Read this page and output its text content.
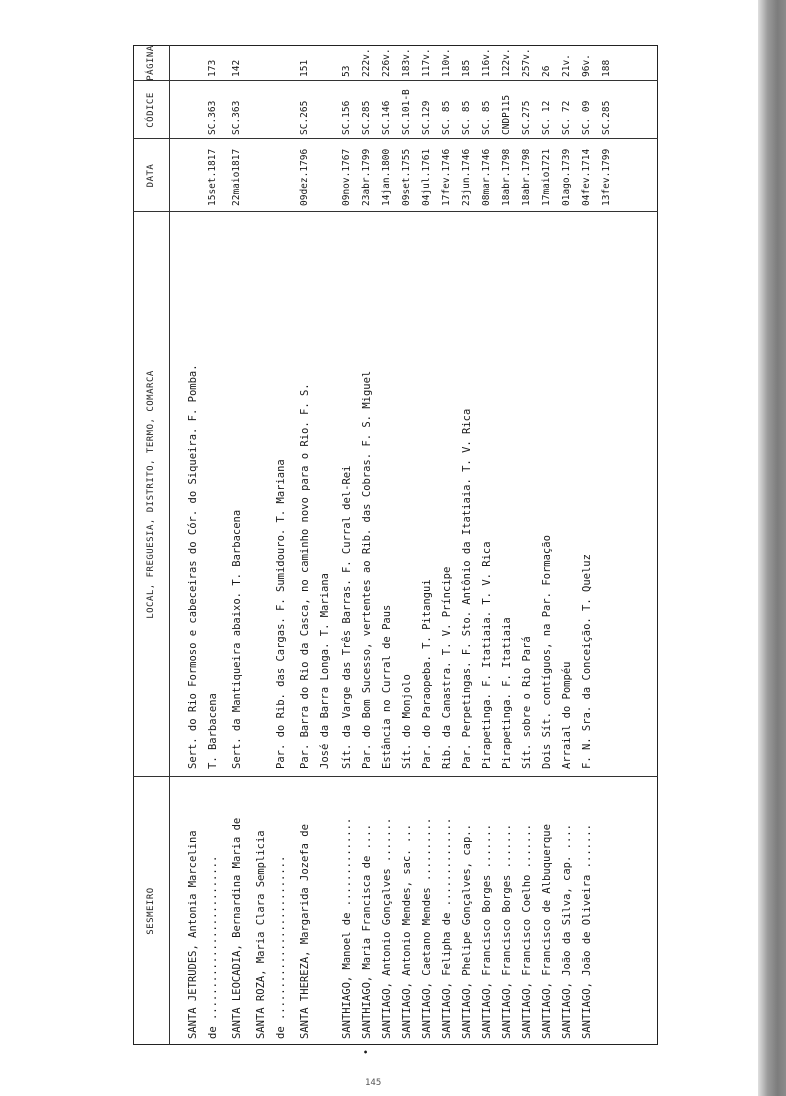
SESMEIRO
LOCAL, FREGUESIA, DISTRITO, TERMO, COMARCA
DATA
CÓDICE
PÁGINA
SANTA JETRUDES, Antonia Marcelina
Sert. do Rio Formoso e cabeceiras do Cór. do Siqueira. F. Pomba.
de ..........................
T. Barbacena
15set.1817
SC.363
173
SANTA LEOCADIA, Bernardina Maria de
Sert. da Mantiqueira abaixo. T. Barbacena
22maio1817
SC.363
142
SANTA ROZA, Maria Clara Semplicia de ..........................
Par. do Rib. das Cargas. F. Sumidouro. T. Mariana
SANTA THEREZA, Margarida Jozefa de
Par. Barra do Rio da Casca, no caminho novo para o Rio. F. S.
09dez.1796
SC.265
151
José da Barra Longa. T. Mariana
SANTHIAGO, Manoel de ..............
Sít. da Varge das Três Barras. F. Curral del-Rei
09nov.1767
SC.156
53
SANTHIAGO, Maria Francisca de ....
Par. do Bom Sucesso, vertentes ao Rib. das Cobras. F. S. Miguel
23abr.1799
SC.285
222v.
•
SANTIAGO, Antonio Gonçalves .......
Estância no Curral de Paus
14jan.1800
SC.146
226v.
SANTIAGO, Antonio Mendes, sac. ...
Sít. do Monjolo
09set.1755
SC.101-B
183v.
SANTIAGO, Caetano Mendes ..........
Par. do Paraopeba. T. Pitangui
04jul.1761
SC.129
117v.
SANTIAGO, Felipha de ..............
Rib. da Canastra. T. V. Príncipe
17fev.1746
SC. 85
110v.
SANTIAGO, Phelipe Gonçalves, cap..
Par. Perpetingas. F. Sto. Antônio da Itatiaia. T. V. Rica
23jun.1746
SC. 85
185
SANTIAGO, Francisco Borges .......
Pirapetinga. F. Itatiaia. T. V. Rica
08mar.1746
SC. 85
116v.
SANTIAGO, Francisco Borges .......
Pirapetinga. F. Itatiaia
18abr.1798
CNDP115
122v.
SANTIAGO, Francisco Coelho .......
Sít. sobre o Rio Pará
18abr.1798
SC.275
257v.
SANTIAGO, Francisco de Albuquerque
Dois Sít. contíguos, na Par. Formação
17maio1721
SC. 12
26
SANTIAGO, João da Silva, cap. ....
Arraial do Pompéu
01ago.1739
SC. 72
21v.
SANTIAGO, João de Oliveira .......
F. N. Sra. da Conceição. T. Queluz
04fev.1714
SC. 09
96v.
13fev.1799
SC.285
188
145
